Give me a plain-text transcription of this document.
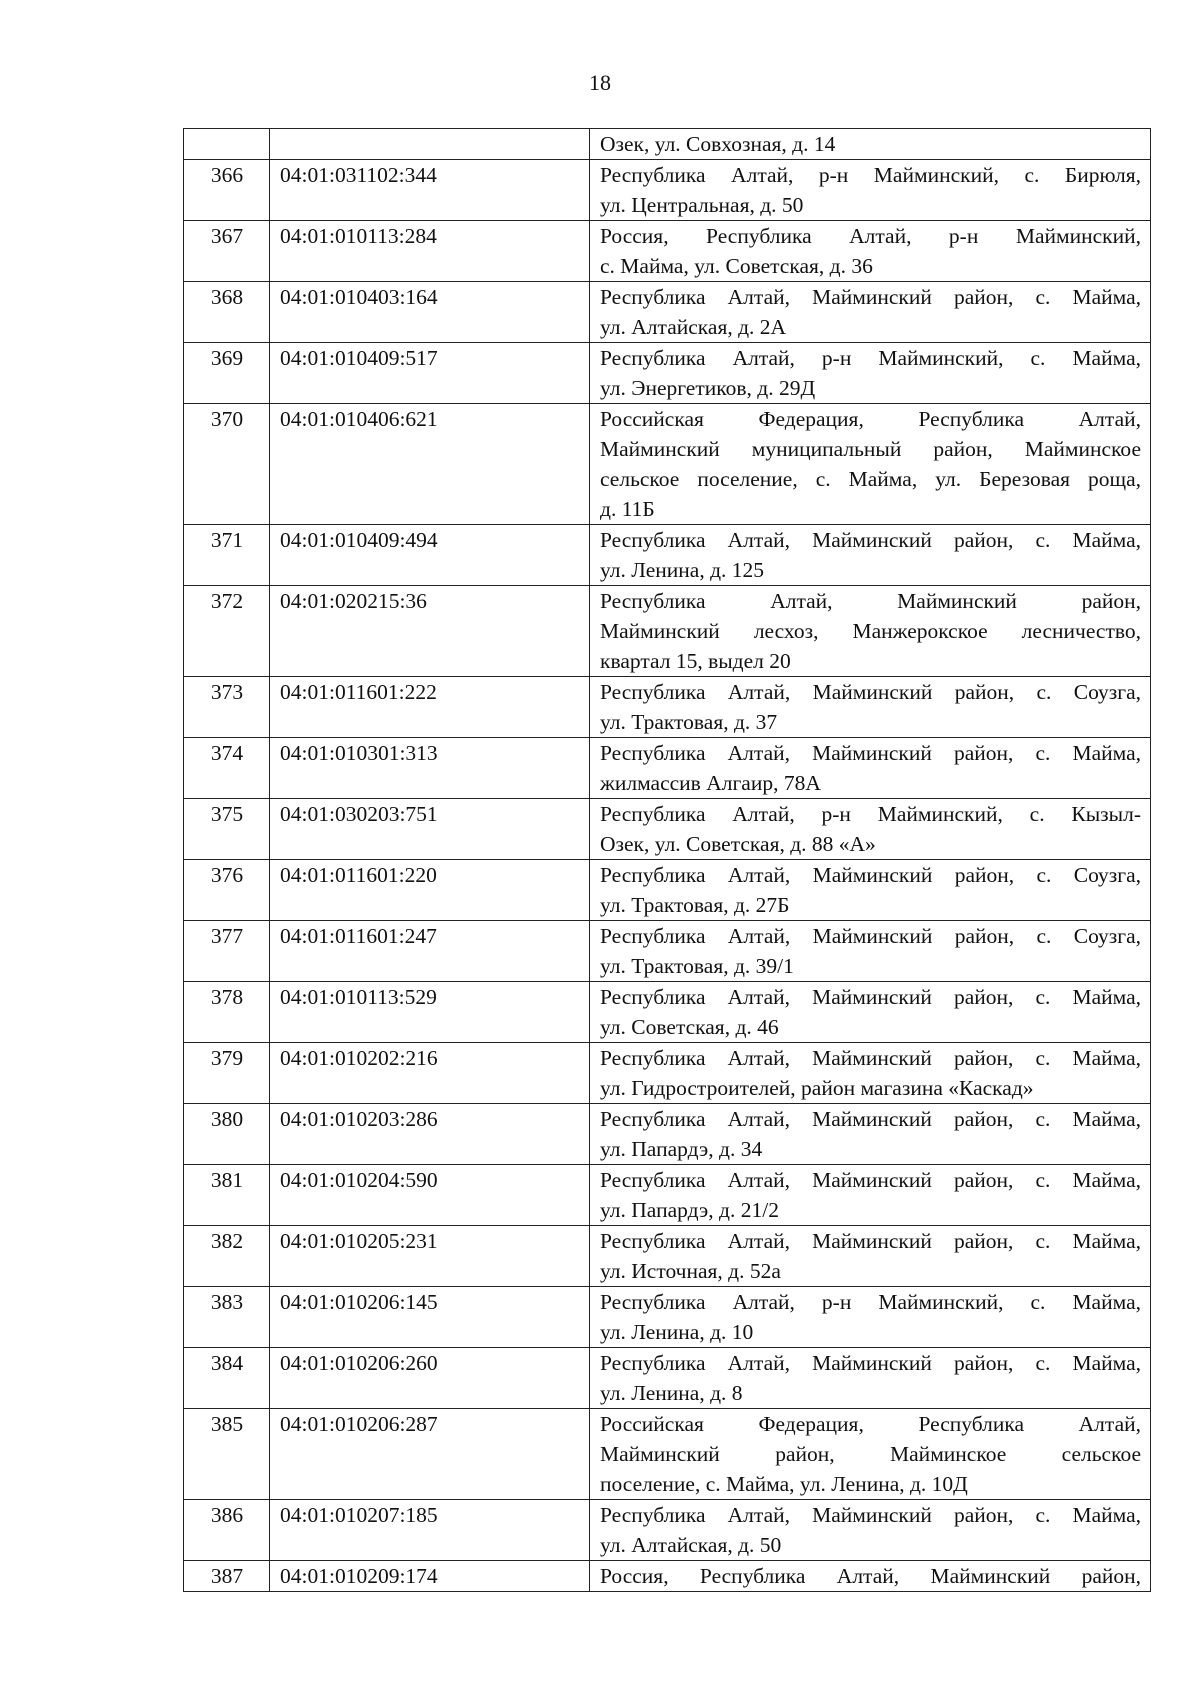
18

		Озек, ул. Совхозная, д. 14

366	04:01:031102:344	Республика Алтай, р-н Майминский, с. Бирюля,
ул. Центральная, д. 50

367	04:01:010113:284	Россия, Республика Алтай, р-н Майминский,
с. Майма, ул. Советская, д. 36

368	04:01:010403:164	Республика Алтай, Майминский район, с. Майма,
ул. Алтайская, д. 2А

369	04:01:010409:517	Республика Алтай, р-н Майминский, с. Майма,
ул. Энергетиков, д. 29Д

370	04:01:010406:621	Российская Федерация, Республика Алтай,
Майминский муниципальный район, Майминское
сельское поселение, с. Майма, ул. Березовая роща,
д. 11Б

371	04:01:010409:494	Республика Алтай, Майминский район, с. Майма,
ул. Ленина, д. 125

372	04:01:020215:36	Республика Алтай, Майминский район,
Майминский лесхоз, Манжерокское лесничество,
квартал 15, выдел 20

373	04:01:011601:222	Республика Алтай, Майминский район, с. Соузга,
ул. Трактовая, д. 37

374	04:01:010301:313	Республика Алтай, Майминский район, с. Майма,
жилмассив Алгаир, 78А

375	04:01:030203:751	Республика Алтай, р-н Майминский, с. Кызыл-
Озек, ул. Советская, д. 88 «А»

376	04:01:011601:220	Республика Алтай, Майминский район, с. Соузга,
ул. Трактовая, д. 27Б

377	04:01:011601:247	Республика Алтай, Майминский район, с. Соузга,
ул. Трактовая, д. 39/1

378	04:01:010113:529	Республика Алтай, Майминский район, с. Майма,
ул. Советская, д. 46

379	04:01:010202:216	Республика Алтай, Майминский район, с. Майма,
ул. Гидростроителей, район магазина «Каскад»

380	04:01:010203:286	Республика Алтай, Майминский район, с. Майма,
ул. Папардэ, д. 34

381	04:01:010204:590	Республика Алтай, Майминский район, с. Майма,
ул. Папардэ, д. 21/2

382	04:01:010205:231	Республика Алтай, Майминский район, с. Майма,
ул. Источная, д. 52а

383	04:01:010206:145	Республика Алтай, р-н Майминский, с. Майма,
ул. Ленина, д. 10

384	04:01:010206:260	Республика Алтай, Майминский район, с. Майма,
ул. Ленина, д. 8

385	04:01:010206:287	Российская Федерация, Республика Алтай,
Майминский район, Майминское сельское
поселение, с. Майма, ул. Ленина, д. 10Д

386	04:01:010207:185	Республика Алтай, Майминский район, с. Майма,
ул. Алтайская, д. 50

387	04:01:010209:174	Россия, Республика Алтай, Майминский район,
